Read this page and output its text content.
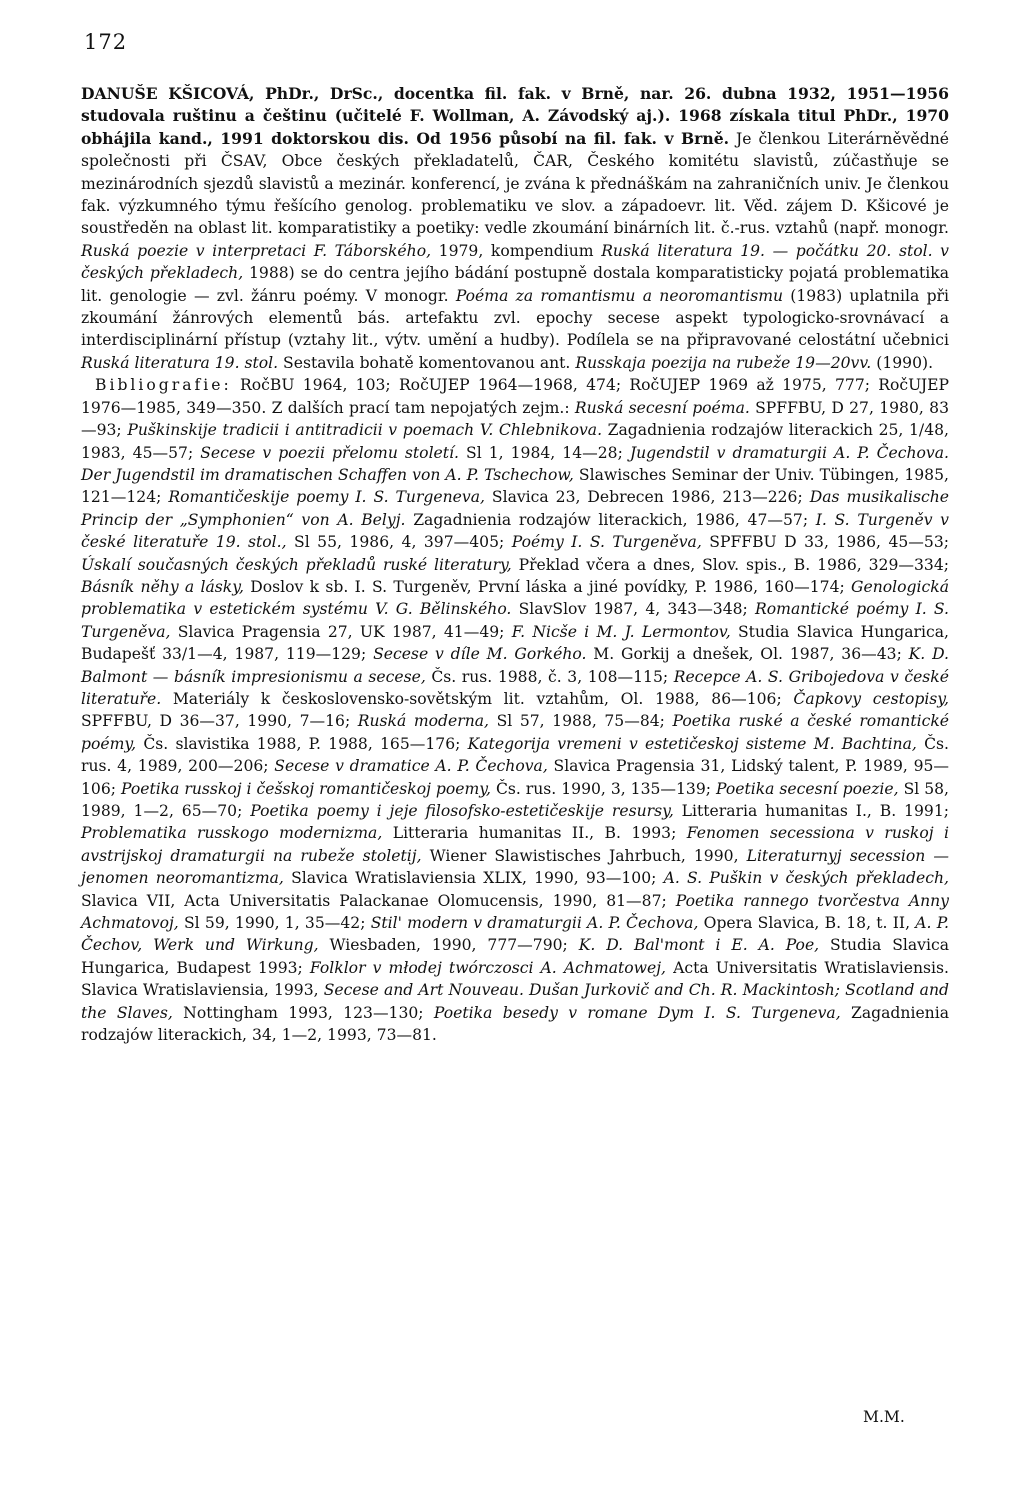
172

DANUŠE KŠICOVÁ, PhDr., DrSc., docentka fil. fak. v Brně, nar. 26. dubna 1932, 1951—1956 studovala ruštinu a češtinu (učitelé F. Wollman, A. Závodský aj.). 1968 získala titul PhDr., 1970 obhájila kand., 1991 doktorskou dis. Od 1956 působí na fil. fak. v Brně. Je členkou Literárněvědné společnosti při ČSAV, Obce českých překladatelů, ČAR, Českého komitétu slavistů, zúčastňuje se mezinárodních sjezdů slavistů a mezinár. konferencí, je zvána k přednáškám na zahraničních univ. Je členkou fak. výzkumného týmu řešícího genolog. problematiku ve slov. a západoevr. lit. Věd. zájem D. Kšicové je soustředěn na oblast lit. komparatistiky a poetiky: vedle zkoumání binárních lit. č.-rus. vztahů (např. monogr. Ruská poezie v interpretaci F. Táborského, 1979, kompendium Ruská literatura 19. — počátku 20. stol. v českých překladech, 1988) se do centra jejího bádání postupně dostala komparatisticky pojatá problematika lit. genologie — zvl. žánru poémy. V monogr. Poéma za romantismu a neoromantismu (1983) uplatnila při zkoumání žánrových elementů bás. artefaktu zvl. epochy secese aspekt typologicko-srovnávací a interdisciplinární přístup (vztahy lit., výtv. umění a hudby). Podílela se na připravované celostátní učebnici Ruská literatura 19. stol. Sestavila bohatě komentovanou ant. Russkaja poezija na rubeže 19—20vv. (1990).

Bibliografie: RočBU 1964, 103; RočUJEP 1964—1968, 474; RočUJEP 1969 až 1975, 777; RočUJEP 1976—1985, 349—350. Z dalších prací tam nepojatých zejm.: Ruská secesní poéma. SPFFBU, D 27, 1980, 83—93; Puškinskije tradicii i antitradicii v poemach V. Chlebnikova. Zagadnienia rodzajów literackich 25, 1/48, 1983, 45—57; Secese v poezii přelomu století. Sl 1, 1984, 14—28; Jugendstil v dramaturgii A. P. Čechova. Der Jugendstil im dramatischen Schaffen von A. P. Tschechow, Slawisches Seminar der Univ. Tübingen, 1985, 121—124; Romantičeskije poemy I. S. Turgeneva, Slavica 23, Debrecen 1986, 213—226; Das musikalische Princip der „Symphonien“ von A. Belyj. Zagadnienia rodzajów literackich, 1986, 47—57; I. S. Turgeněv v české literatuře 19. stol., Sl 55, 1986, 4, 397—405; Poémy I. S. Turgeněva, SPFFBU D 33, 1986, 45—53; Úskalí současných českých překladů ruské literatury, Překlad včera a dnes, Slov. spis., B. 1986, 329—334; Básník něhy a lásky, Doslov k sb. I. S. Turgeněv, První láska a jiné povídky, P. 1986, 160—174; Genologická problematika v estetickém systému V. G. Bělinského. SlavSlov 1987, 4, 343—348; Romantické poémy I. S. Turgeněva, Slavica Pragensia 27, UK 1987, 41—49; F. Nicše i M. J. Lermontov, Studia Slavica Hungarica, Budapešť 33/1—4, 1987, 119—129; Secese v díle M. Gorkého. M. Gorkij a dnešek, Ol. 1987, 36—43; K. D. Balmont — básník impresionismu a secese, Čs. rus. 1988, č. 3, 108—115; Recepce A. S. Gribojedova v české literatuře. Materiály k československo-sovětským lit. vztahům, Ol. 1988, 86—106; Čapkovy cestopisy, SPFFBU, D 36—37, 1990, 7—16; Ruská moderna, Sl 57, 1988, 75—84; Poetika ruské a české romantické poémy, Čs. slavistika 1988, P. 1988, 165—176; Kategorija vremeni v estetičeskoj sisteme M. Bachtina, Čs. rus. 4, 1989, 200—206; Secese v dramatice A. P. Čechova, Slavica Pragensia 31, Lidský talent, P. 1989, 95—106; Poetika russkoj i češskoj romantičeskoj poemy, Čs. rus. 1990, 3, 135—139; Poetika secesní poezie, Sl 58, 1989, 1—2, 65—70; Poetika poemy i jeje filosofsko-estetičeskije resursy, Litteraria humanitas I., B. 1991; Problematika russkogo modernizma, Litteraria humanitas II., B. 1993; Fenomen secessiona v ruskoj i avstrijskoj dramaturgii na rubeže stoletij, Wiener Slawistisches Jahrbuch, 1990, Literaturnyj secession — jenomen neoromantizma, Slavica Wratislaviensia XLIX, 1990, 93—100; A. S. Puškin v českých překladech, Slavica VII, Acta Universitatis Palackanae Olomucensis, 1990, 81—87; Poetika rannego tvorčestva Anny Achmatovoj, Sl 59, 1990, 1, 35—42; Stil' modern v dramaturgii A. P. Čechova, Opera Slavica, B. 18, t. II, A. P. Čechov, Werk und Wirkung, Wiesbaden, 1990, 777—790; K. D. Bal'mont i E. A. Poe, Studia Slavica Hungarica, Budapest 1993; Folklor v młodej twórczosci A. Achmatowej, Acta Universitatis Wratislaviensis. Slavica Wratislaviensia, 1993, Secese and Art Nouveau. Dušan Jurkovič and Ch. R. Mackintosh; Scotland and the Slaves, Nottingham 1993, 123—130; Poetika besedy v romane Dym I. S. Turgeneva, Zagadnienia rodzajów literackich, 34, 1—2, 1993, 73—81.

M.M.
